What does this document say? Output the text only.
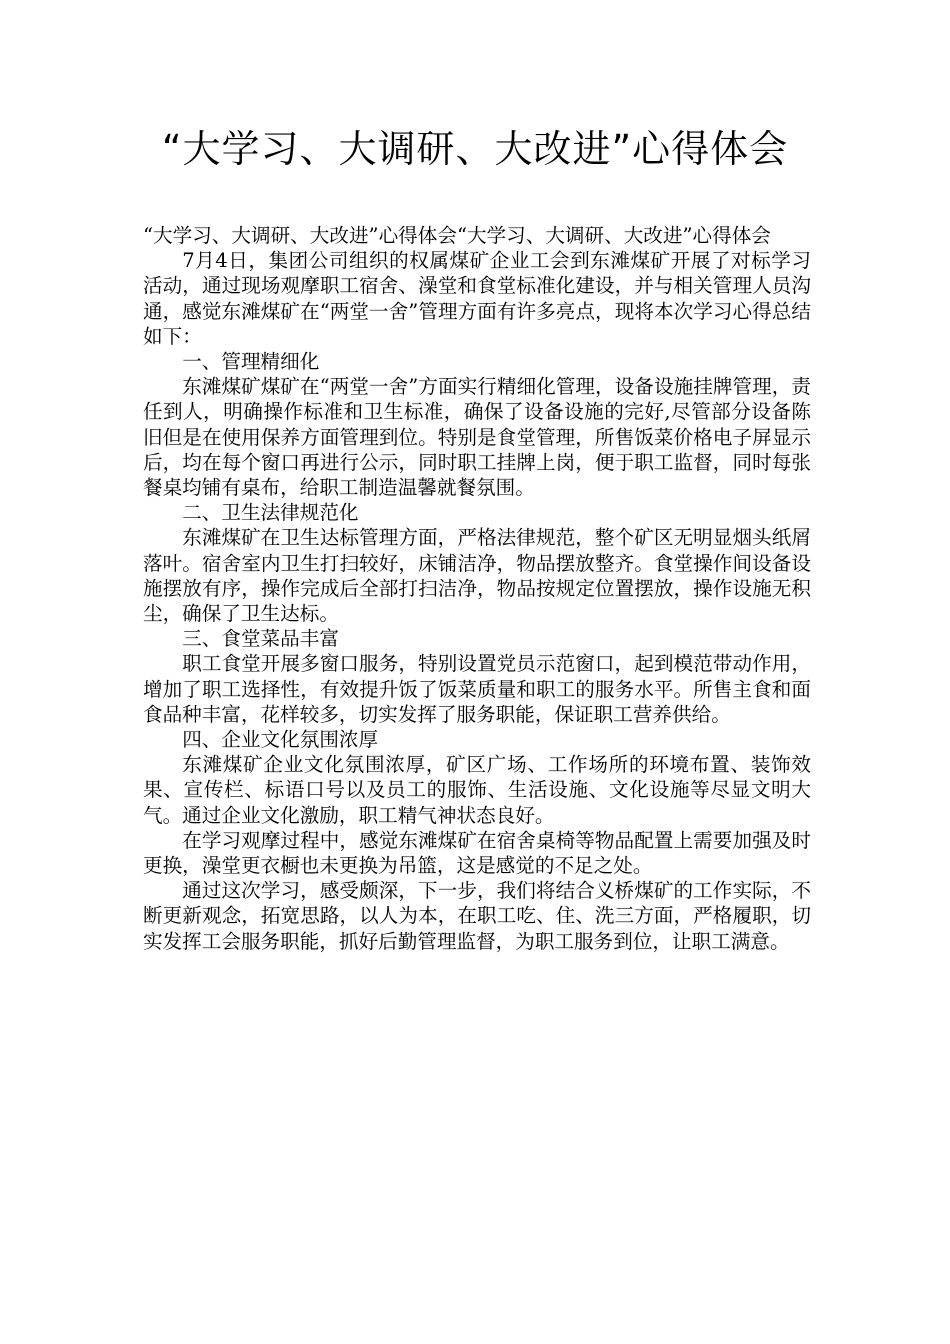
“大学习、大调研、大改进”心得体会

“大学习、大调研、大改进”心得体会“大学习、大调研、大改进”心得体会

7月4日，集团公司组织的权属煤矿企业工会到东滩煤矿开展了对标学习活动，通过现场观摩职工宿舍、澡堂和食堂标准化建设，并与相关管理人员沟通，感觉东滩煤矿在“两堂一舍”管理方面有许多亮点，现将本次学习心得总结如下：

一、管理精细化

东滩煤矿煤矿在“两堂一舍”方面实行精细化管理，设备设施挂牌管理，责任到人，明确操作标准和卫生标准，确保了设备设施的完好,尽管部分设备陈旧但是在使用保养方面管理到位。特别是食堂管理，所售饭菜价格电子屏显示后，均在每个窗口再进行公示，同时职工挂牌上岗，便于职工监督，同时每张餐桌均铺有桌布，给职工制造温馨就餐氛围。

二、卫生法律规范化

东滩煤矿在卫生达标管理方面，严格法律规范，整个矿区无明显烟头纸屑落叶。宿舍室内卫生打扫较好，床铺洁净，物品摆放整齐。食堂操作间设备设施摆放有序，操作完成后全部打扫洁净，物品按规定位置摆放，操作设施无积尘，确保了卫生达标。

三、食堂菜品丰富

职工食堂开展多窗口服务，特别设置党员示范窗口，起到模范带动作用，增加了职工选择性，有效提升饭了饭菜质量和职工的服务水平。所售主食和面食品种丰富，花样较多，切实发挥了服务职能，保证职工营养供给。

四、企业文化氛围浓厚

东滩煤矿企业文化氛围浓厚，矿区广场、工作场所的环境布置、装饰效果、宣传栏、标语口号以及员工的服饰、生活设施、文化设施等尽显文明大气。通过企业文化激励，职工精气神状态良好。

在学习观摩过程中，感觉东滩煤矿在宿舍桌椅等物品配置上需要加强及时更换，澡堂更衣橱也未更换为吊篮，这是感觉的不足之处。

通过这次学习，感受颇深，下一步，我们将结合义桥煤矿的工作实际，不断更新观念，拓宽思路，以人为本，在职工吃、住、洗三方面，严格履职，切实发挥工会服务职能，抓好后勤管理监督，为职工服务到位，让职工满意。
